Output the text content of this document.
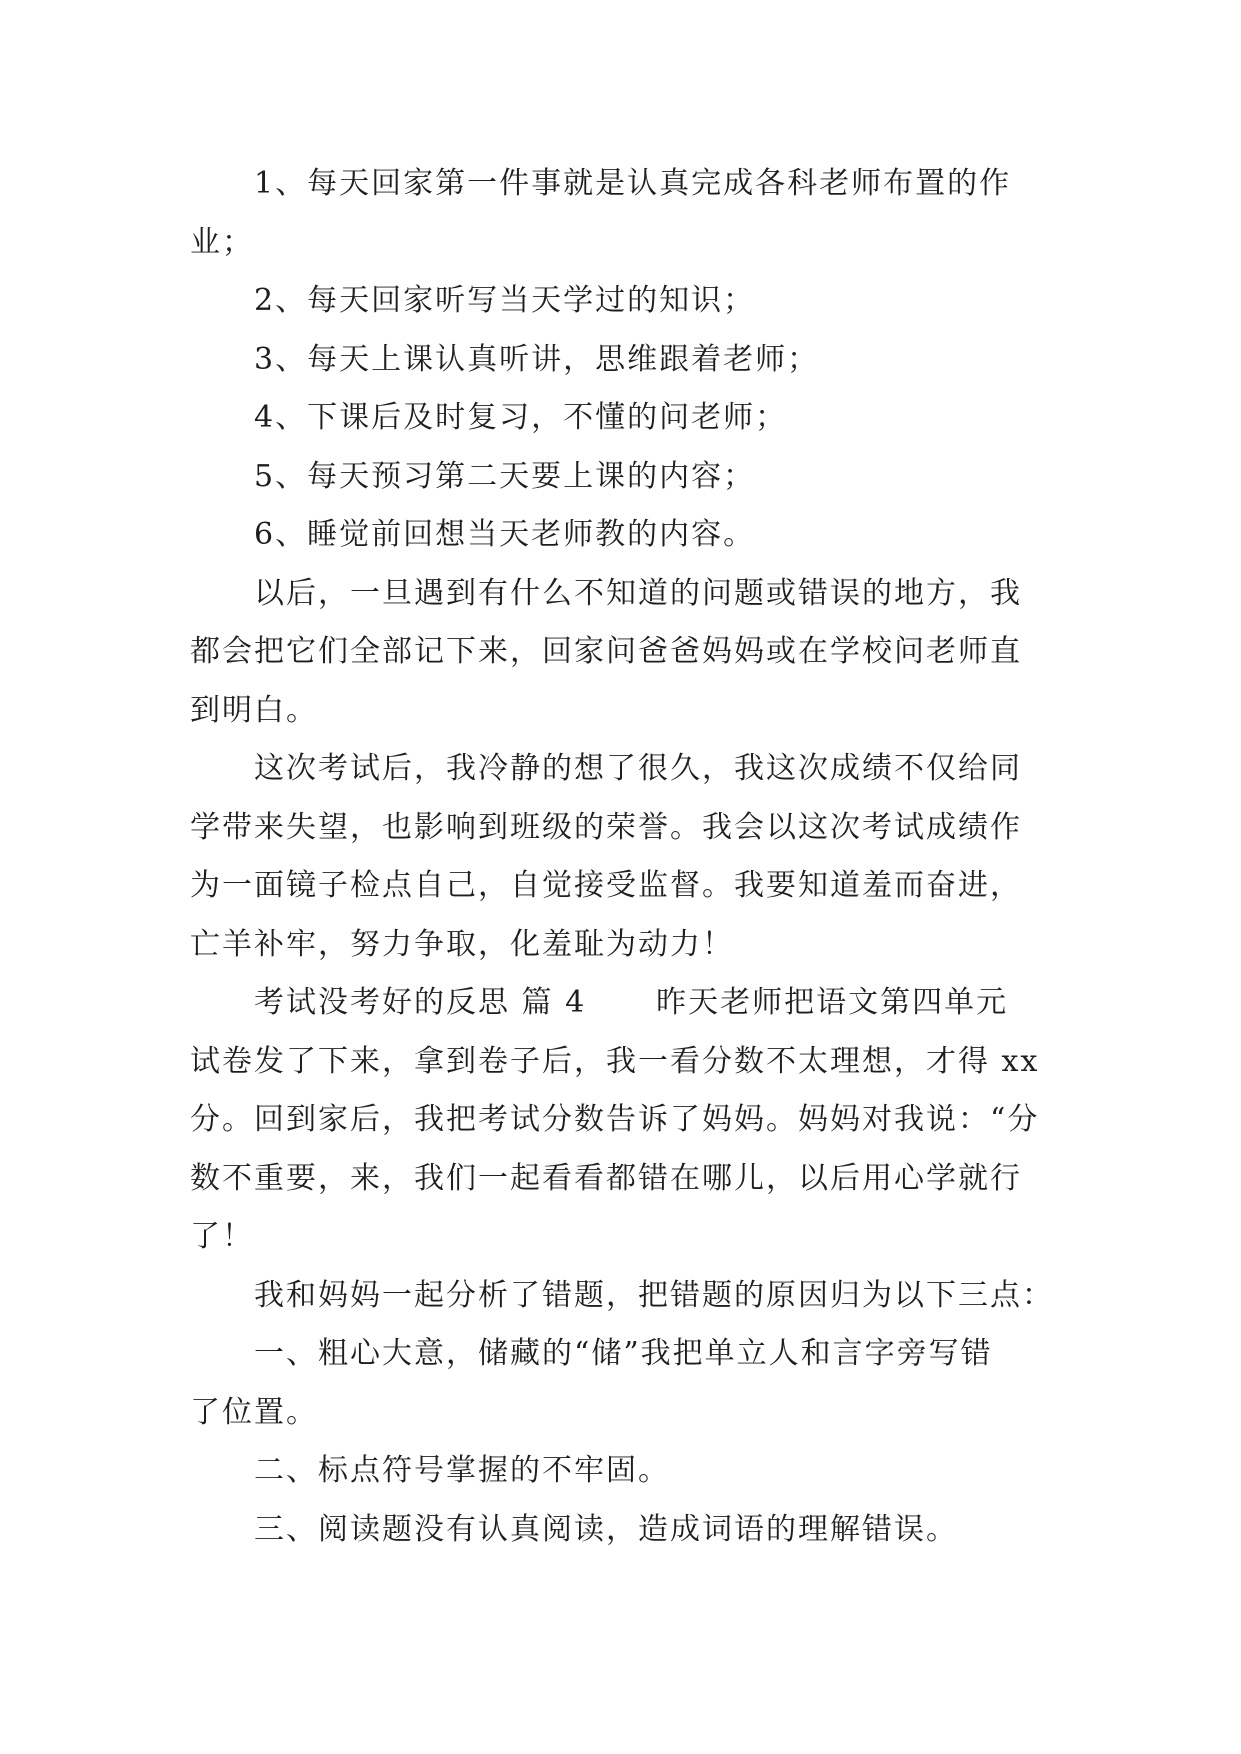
1、每天回家第一件事就是认真完成各科老师布置的作
业；
2、每天回家听写当天学过的知识；
3、每天上课认真听讲，思维跟着老师；
4、下课后及时复习，不懂的问老师；
5、每天预习第二天要上课的内容；
6、睡觉前回想当天老师教的内容。
以后，一旦遇到有什么不知道的问题或错误的地方，我
都会把它们全部记下来，回家问爸爸妈妈或在学校问老师直
到明白。
这次考试后，我冷静的想了很久，我这次成绩不仅给同
学带来失望，也影响到班级的荣誉。我会以这次考试成绩作
为一面镜子检点自己，自觉接受监督。我要知道羞而奋进，
亡羊补牢，努力争取，化羞耻为动力！
考试没考好的反思 篇 4 昨天老师把语文第四单元
试卷发了下来，拿到卷子后，我一看分数不太理想，才得 xx
分。回到家后，我把考试分数告诉了妈妈。妈妈对我说：“分
数不重要，来，我们一起看看都错在哪儿，以后用心学就行
了！
我和妈妈一起分析了错题，把错题的原因归为以下三点：
一、粗心大意，储藏的“储”我把单立人和言字旁写错
了位置。
二、标点符号掌握的不牢固。
三、阅读题没有认真阅读，造成词语的理解错误。
